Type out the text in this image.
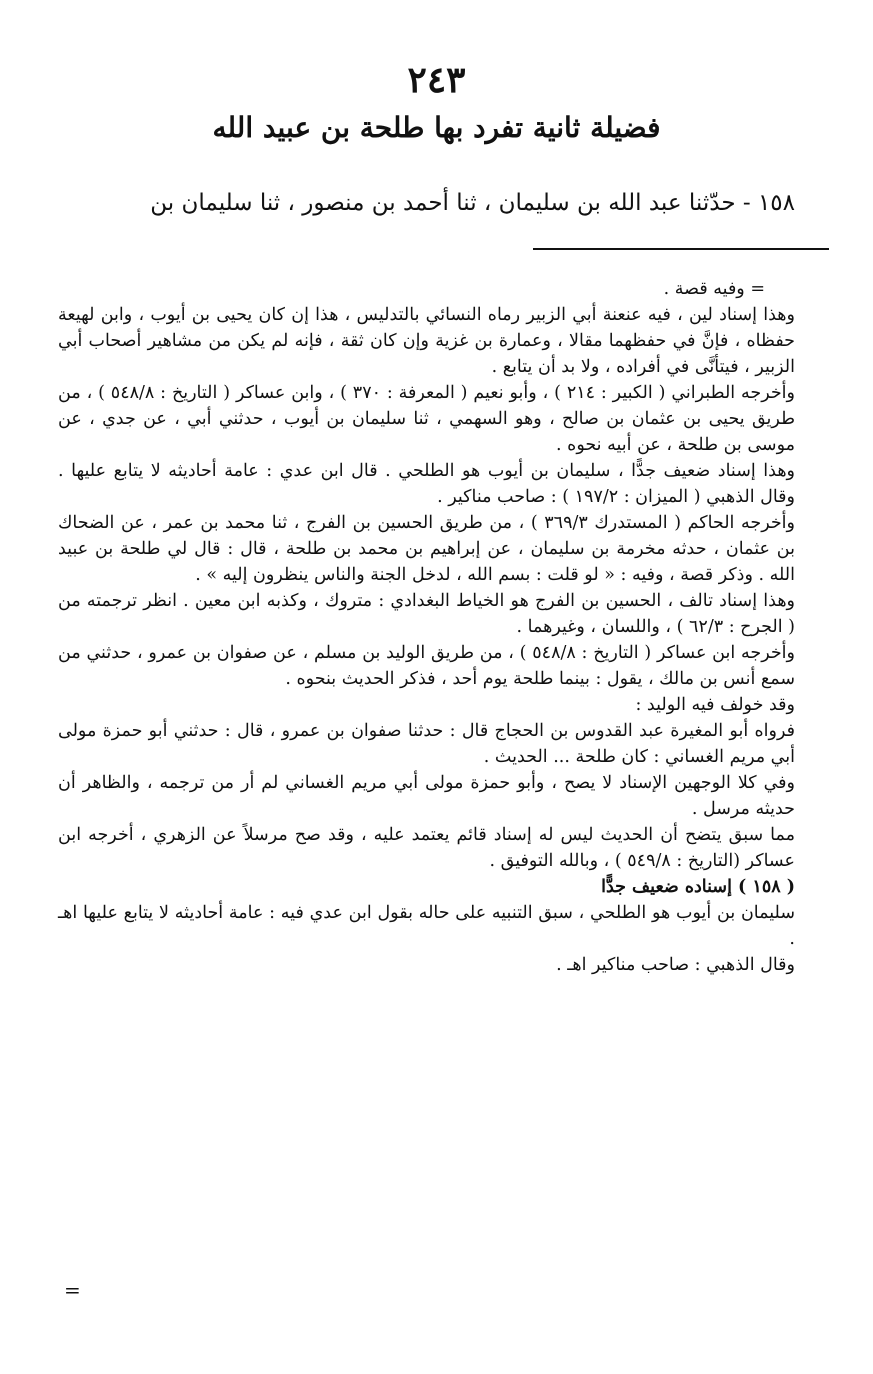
٢٤٣
فضيلة ثانية تفرد بها طلحة بن عبيد الله
١٥٨ - حدّثنا عبد الله بن سليمان ، ثنا أحمد بن منصور ، ثنا سليمان بن

= وفيه قصة .

وهذا إسناد لين ، فيه عنعنة أبي الزبير رماه النسائي بالتدليس ، هذا إن كان يحيى بن أيوب ، وابن لهيعة حفظاه ، فإنَّ في حفظهما مقالا ، وعمارة بن غزية وإن كان ثقة ، فإنه لم يكن من مشاهير أصحاب أبي الزبير ، فيتأنَّى في أفراده ، ولا بد أن يتابع .

وأخرجه الطبراني ( الكبير : ٢١٤ ) ، وأبو نعيم ( المعرفة : ٣٧٠ ) ، وابن عساكر ( التاريخ : ٥٤٨/٨ ) ، من طريق يحيى بن عثمان بن صالح ، وهو السهمي ، ثنا سليمان بن أيوب ، حدثني أبي ، عن جدي ، عن موسى بن طلحة ، عن أبيه نحوه .

وهذا إسناد ضعيف جدًّا ، سليمان بن أيوب هو الطلحي . قال ابن عدي : عامة أحاديثه لا يتابع عليها . وقال الذهبي ( الميزان : ١٩٧/٢ ) : صاحب مناكير .

وأخرجه الحاكم ( المستدرك ٣٦٩/٣ ) ، من طريق الحسين بن الفرج ، ثنا محمد بن عمر ، عن الضحاك بن عثمان ، حدثه مخرمة بن سليمان ، عن إبراهيم بن محمد بن طلحة ، قال : قال لي طلحة بن عبيد الله . وذكر قصة ، وفيه : « لو قلت : بسم الله ، لدخل الجنة والناس ينظرون إليه » .

وهذا إسناد تالف ، الحسين بن الفرج هو الخياط البغدادي : متروك ، وكذبه ابن معين . انظر ترجمته من ( الجرح : ٦٢/٣ ) ، واللسان ، وغيرهما .

وأخرجه ابن عساكر ( التاريخ : ٥٤٨/٨ ) ، من طريق الوليد بن مسلم ، عن صفوان بن عمرو ، حدثني من سمع أنس بن مالك ، يقول : بينما طلحة يوم أحد ، فذكر الحديث بنحوه .

وقد خولف فيه الوليد :

فرواه أبو المغيرة عبد القدوس بن الحجاج قال : حدثنا صفوان بن عمرو ، قال : حدثني أبو حمزة مولى أبي مريم الغساني : كان طلحة ... الحديث .

وفي كلا الوجهين الإسناد لا يصح ، وأبو حمزة مولى أبي مريم الغساني لم أر من ترجمه ، والظاهر أن حديثه مرسل .

مما سبق يتضح أن الحديث ليس له إسناد قائم يعتمد عليه ، وقد صح مرسلاً عن الزهري ، أخرجه ابن عساكر (التاريخ : ٥٤٩/٨ ) ، وبالله التوفيق .

( ١٥٨ ) إسناده ضعيف جدًّا

سليمان بن أيوب هو الطلحي ، سبق التنبيه على حاله بقول ابن عدي فيه : عامة أحاديثه لا يتابع عليها اهـ .

وقال الذهبي : صاحب مناكير اهـ .

=
